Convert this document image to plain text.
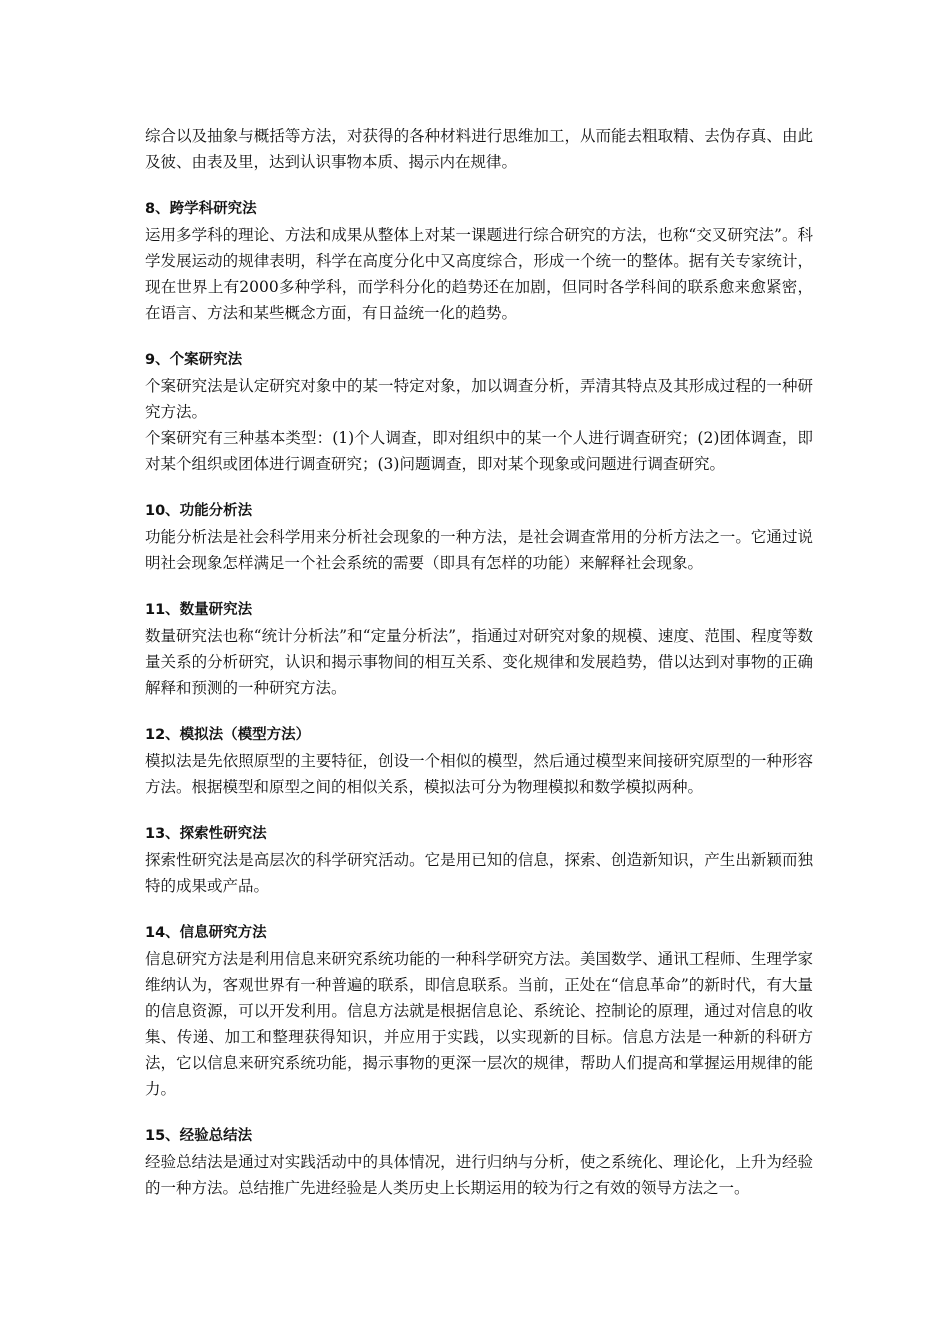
综合以及抽象与概括等方法，对获得的各种材料进行思维加工，从而能去粗取精、去伪存真、由此及彼、由表及里，达到认识事物本质、揭示内在规律。

8、跨学科研究法

运用多学科的理论、方法和成果从整体上对某一课题进行综合研究的方法，也称“交叉研究法”。科学发展运动的规律表明，科学在高度分化中又高度综合，形成一个统一的整体。据有关专家统计，现在世界上有2000多种学科，而学科分化的趋势还在加剧，但同时各学科间的联系愈来愈紧密，在语言、方法和某些概念方面，有日益统一化的趋势。

9、个案研究法

个案研究法是认定研究对象中的某一特定对象，加以调查分析，弄清其特点及其形成过程的一种研究方法。

个案研究有三种基本类型：(1)个人调查，即对组织中的某一个人进行调查研究；(2)团体调查，即对某个组织或团体进行调查研究；(3)问题调查，即对某个现象或问题进行调查研究。

10、功能分析法

功能分析法是社会科学用来分析社会现象的一种方法，是社会调查常用的分析方法之一。它通过说明社会现象怎样满足一个社会系统的需要（即具有怎样的功能）来解释社会现象。

11、数量研究法

数量研究法也称“统计分析法”和“定量分析法”，指通过对研究对象的规模、速度、范围、程度等数量关系的分析研究，认识和揭示事物间的相互关系、变化规律和发展趋势，借以达到对事物的正确解释和预测的一种研究方法。

12、模拟法（模型方法）

模拟法是先依照原型的主要特征，创设一个相似的模型，然后通过模型来间接研究原型的一种形容方法。根据模型和原型之间的相似关系，模拟法可分为物理模拟和数学模拟两种。

13、探索性研究法

探索性研究法是高层次的科学研究活动。它是用已知的信息，探索、创造新知识，产生出新颖而独特的成果或产品。

14、信息研究方法

信息研究方法是利用信息来研究系统功能的一种科学研究方法。美国数学、通讯工程师、生理学家维纳认为，客观世界有一种普遍的联系，即信息联系。当前，正处在“信息革命”的新时代，有大量的信息资源，可以开发利用。信息方法就是根据信息论、系统论、控制论的原理，通过对信息的收集、传递、加工和整理获得知识，并应用于实践，以实现新的目标。信息方法是一种新的科研方法，它以信息来研究系统功能，揭示事物的更深一层次的规律，帮助人们提高和掌握运用规律的能力。

15、经验总结法

经验总结法是通过对实践活动中的具体情况，进行归纳与分析，使之系统化、理论化，上升为经验的一种方法。总结推广先进经验是人类历史上长期运用的较为行之有效的领导方法之一。
